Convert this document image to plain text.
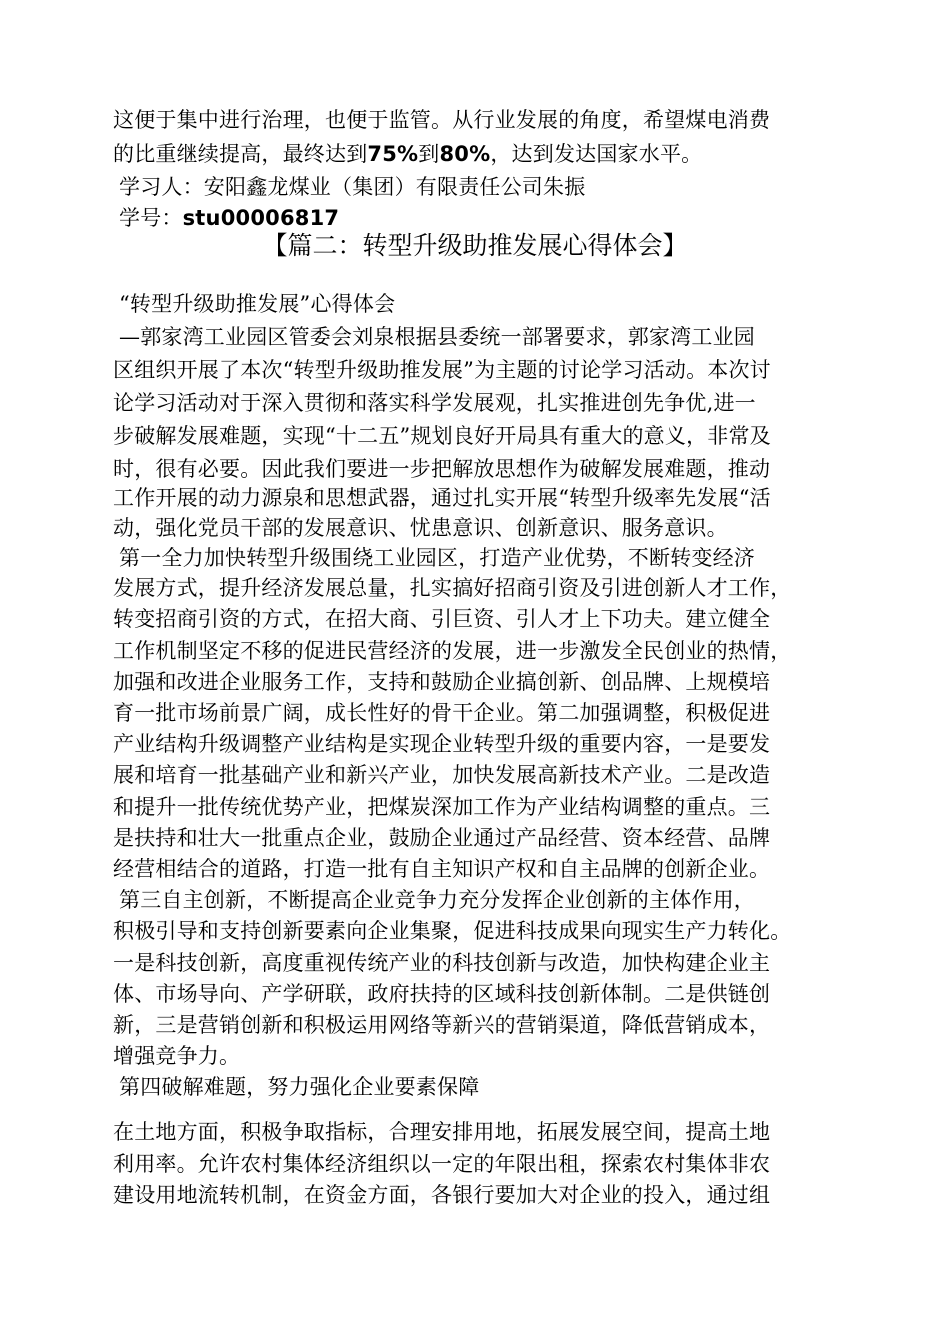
这便于集中进行治理，也便于监管。从行业发展的角度，希望煤电消费
的比重继续提高，最终达到75%到80%，达到发达国家水平。
学习人：安阳鑫龙煤业（集团）有限责任公司朱振
学号：stu00006817
【篇二：转型升级助推发展心得体会】
“转型升级助推发展”心得体会
—郭家湾工业园区管委会刘泉根据县委统一部署要求，郭家湾工业园
区组织开展了本次“转型升级助推发展”为主题的讨论学习活动。本次讨
论学习活动对于深入贯彻和落实科学发展观，扎实推进创先争优,进一
步破解发展难题，实现“十二五”规划良好开局具有重大的意义，非常及
时，很有必要。因此我们要进一步把解放思想作为破解发展难题，推动
工作开展的动力源泉和思想武器，通过扎实开展“转型升级率先发展“活
动，强化党员干部的发展意识、忧患意识、创新意识、服务意识。
第一全力加快转型升级围绕工业园区，打造产业优势，不断转变经济
发展方式，提升经济发展总量，扎实搞好招商引资及引进创新人才工作，
转变招商引资的方式，在招大商、引巨资、引人才上下功夫。建立健全
工作机制坚定不移的促进民营经济的发展，进一步激发全民创业的热情，
加强和改进企业服务工作，支持和鼓励企业搞创新、创品牌、上规模培
育一批市场前景广阔，成长性好的骨干企业。第二加强调整，积极促进
产业结构升级调整产业结构是实现企业转型升级的重要内容，一是要发
展和培育一批基础产业和新兴产业，加快发展高新技术产业。二是改造
和提升一批传统优势产业，把煤炭深加工作为产业结构调整的重点。三
是扶持和壮大一批重点企业，鼓励企业通过产品经营、资本经营、品牌
经营相结合的道路，打造一批有自主知识产权和自主品牌的创新企业。
第三自主创新，不断提高企业竞争力充分发挥企业创新的主体作用，
积极引导和支持创新要素向企业集聚，促进科技成果向现实生产力转化。
一是科技创新，高度重视传统产业的科技创新与改造，加快构建企业主
体、市场导向、产学研联，政府扶持的区域科技创新体制。二是供链创
新，三是营销创新和积极运用网络等新兴的营销渠道，降低营销成本，
增强竞争力。
第四破解难题，努力强化企业要素保障
在土地方面，积极争取指标，合理安排用地，拓展发展空间，提高土地
利用率。允许农村集体经济组织以一定的年限出租，探索农村集体非农
建设用地流转机制，在资金方面，各银行要加大对企业的投入，通过组
